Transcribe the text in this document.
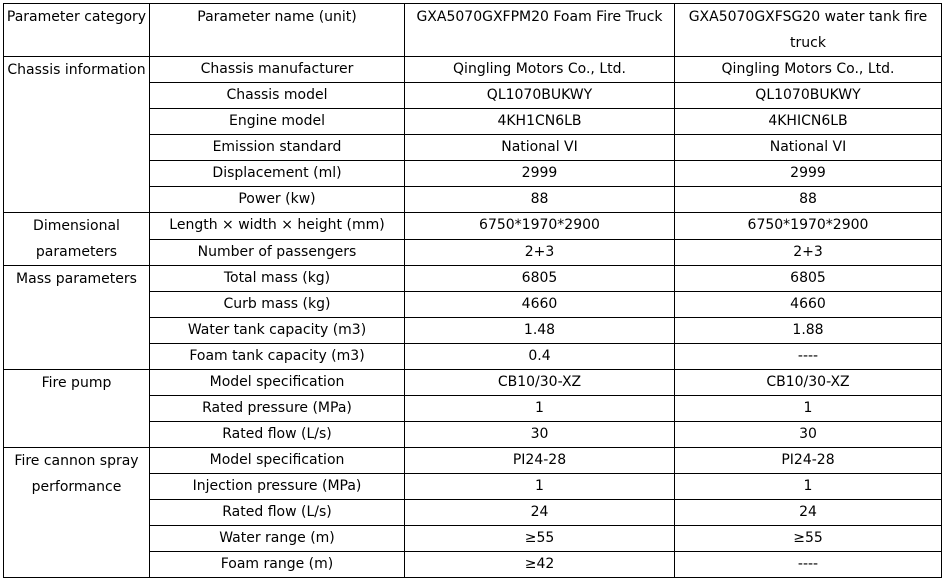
Parameter category	Parameter name (unit)	GXA5070GXFPM20 Foam Fire Truck	GXA5070GXFSG20 water tank fire truck
Chassis information	Chassis manufacturer	Qingling Motors Co., Ltd.	Qingling Motors Co., Ltd.
	Chassis model	QL1070BUKWY	QL1070BUKWY
	Engine model	4KH1CN6LB	4KHICN6LB
	Emission standard	National VI	National VI
	Displacement (ml)	2999	2999
	Power (kw)	88	88
Dimensional parameters	Length × width × height (mm)	6750*1970*2900	6750*1970*2900
	Number of passengers	2+3	2+3
Mass parameters	Total mass (kg)	6805	6805
	Curb mass (kg)	4660	4660
	Water tank capacity (m3)	1.48	1.88
	Foam tank capacity (m3)	0.4	----
Fire pump	Model specification	CB10/30-XZ	CB10/30-XZ
	Rated pressure (MPa)	1	1
	Rated flow (L/s)	30	30
Fire cannon spray performance	Model specification	PI24-28	PI24-28
	Injection pressure (MPa)	1	1
	Rated flow (L/s)	24	24
	Water range (m)	≥55	≥55
	Foam range (m)	≥42	----
